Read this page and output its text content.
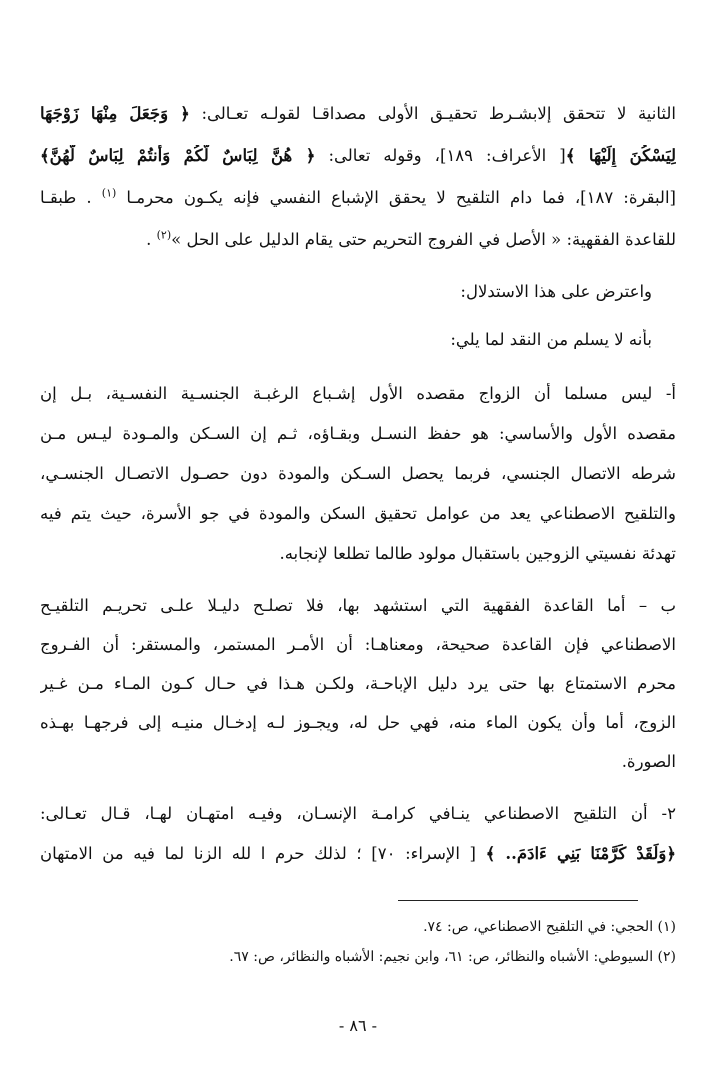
الثانية لا تتحقق إلابشـرط تحقيـق الأولى مصداقـا لقولـه تعـالى: ﴿ وَجَعَلَ مِنْهَا زَوْجَهَا
لِيَسْكُنَ إِلَيْهَا ﴾[ الأعراف: ١٨٩]، وقوله تعالى: ﴿ هُنَّ لِبَاسٌ لَّكُمْ وَأَنتُمْ لِبَاسٌ لَّهُنَّ﴾
[البقرة: ١٨٧]، فما دام التلقيح لا يحقق الإشباع النفسي فإنه يكـون محرمـا $^{(١)}$ . طبقـا
للقاعدة الفقهية: « الأصل في الفروج التحريم حتى يقام الدليل على الحل »$^{(٢)}$ .
واعترض على هذا الاستدلال:
بأنه لا يسلم من النقد لما يلي:
أ- ليس مسلما أن الزواج مقصده الأول إشـباع الرغبـة الجنسـية النفسـية، بـل إن
مقصده الأول والأساسي: هو حفظ النسـل وبقـاؤه، ثـم إن السـكن والمـودة ليـس مـن
شرطه الاتصال الجنسي، فربما يحصل السـكن والمودة دون حصـول الاتصـال الجنسـي،
والتلقيح الاصطناعي يعد من عوامل تحقيق السكن والمودة في جو الأسرة، حيث يتم فيه
تهدئة نفسيتي الزوجين باستقبال مولود طالما تطلعا لإنجابه.
ب – أما القاعدة الفقهية التي استشهد بها، فلا تصلـح دليـلا علـى تحريـم التلقيـح
الاصطناعي فإن القاعدة صحيحة، ومعناهـا: أن الأمـر المستمر، والمستقر: أن الفـروج
محرم الاستمتاع بها حتى يرد دليل الإباحـة، ولكـن هـذا في حـال كـون المـاء مـن غـير
الزوج، أما وأن يكون الماء منه، فهي حل له، ويجـوز لـه إدخـال منيـه إلى فرجهـا بهـذه
الصورة.
٢- أن التلقيح الاصطناعي ينـافي كرامـة الإنسـان، وفيـه امتهـان لهـا، قـال تعـالى:
﴿وَلَقَدْ كَرَّمْنَا بَنِي ءَادَمَ.. ﴾ [ الإسراء: ٧٠] ؛ لذلك حرم ا لله الزنا لما فيه من الامتهان
(١) الحجي: في التلقيح الاصطناعي، ص: ٧٤.
(٢) السيوطي: الأشباه والنظائر، ص: ٦١، وابن نجيم: الأشباه والنظائر، ص: ٦٧.
- ٨٦ -
